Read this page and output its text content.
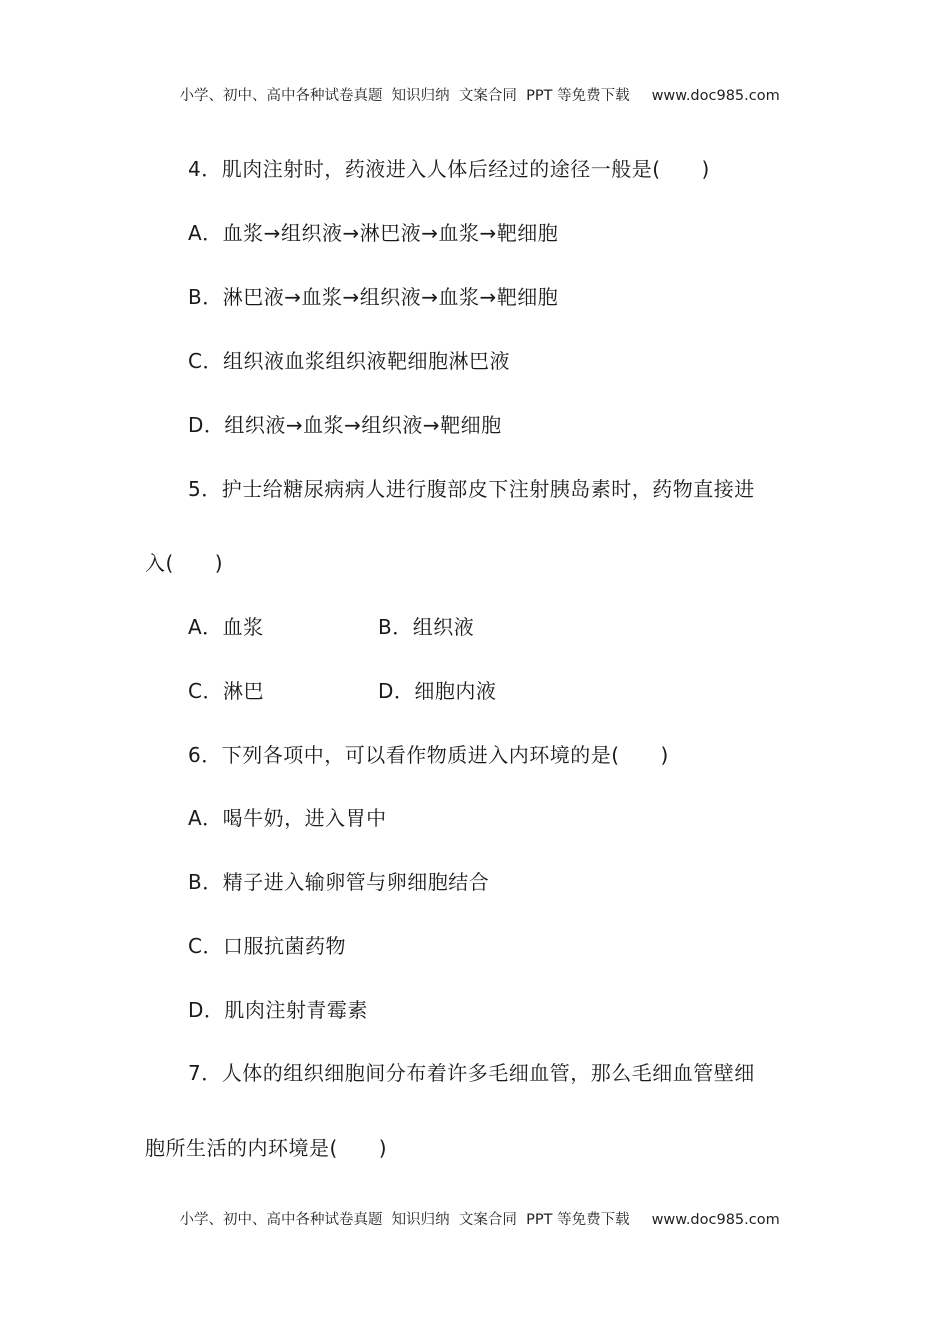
小学、初中、高中各种试卷真题  知识归纳  文案合同  PPT 等免费下载 www.doc985.com

4．肌肉注射时，药液进入人体后经过的途径一般是(　　)
A．血浆→组织液→淋巴液→血浆→靶细胞
B．淋巴液→血浆→组织液→血浆→靶细胞
C．组织液血浆组织液靶细胞淋巴液
D．组织液→血浆→组织液→靶细胞
5．护士给糖尿病病人进行腹部皮下注射胰岛素时，药物直接进
入(　　)
A．血浆	B．组织液
C．淋巴	D．细胞内液
6．下列各项中，可以看作物质进入内环境的是(　　)
A．喝牛奶，进入胃中
B．精子进入输卵管与卵细胞结合
C．口服抗菌药物
D．肌肉注射青霉素
7．人体的组织细胞间分布着许多毛细血管，那么毛细血管壁细
胞所生活的内环境是(　　)

小学、初中、高中各种试卷真题  知识归纳  文案合同  PPT 等免费下载 www.doc985.com
